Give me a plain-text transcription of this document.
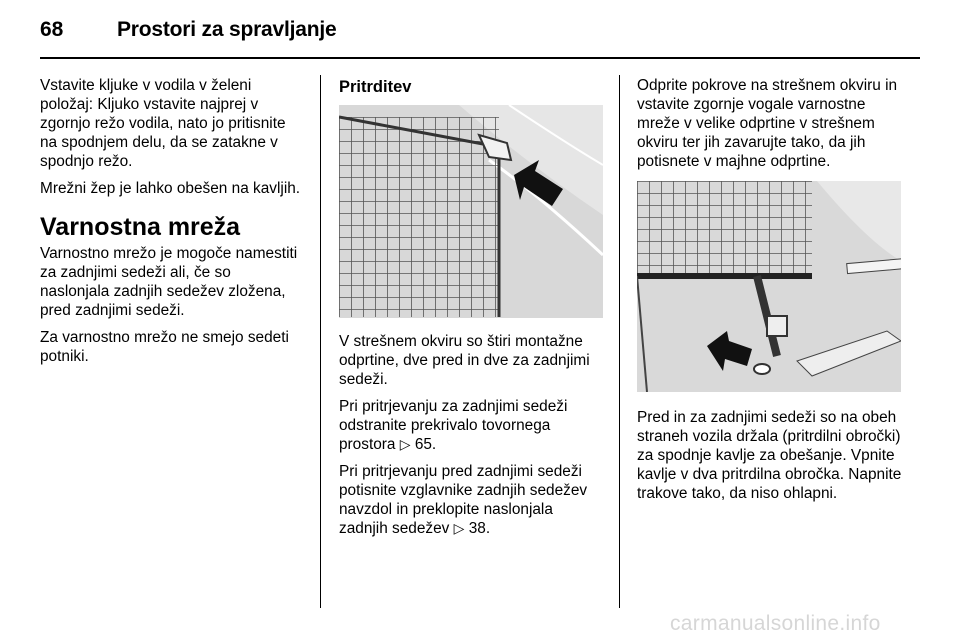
68	Prostori za spravljanje

Vstavite kljuke v vodila v želeni položaj: Kljuko vstavite najprej v zgornjo režo vodila, nato jo pritisnite na spodnjem delu, da se zatakne v spodnjo režo.

Mrežni žep je lahko obešen na kavljih.

Varnostna mreža

Varnostno mrežo je mogoče namestiti za zadnjimi sedeži ali, če so naslonjala zadnjih sedežev zložena, pred zadnjimi sedeži.

Za varnostno mrežo ne smejo sedeti potniki.

Pritrditev

V strešnem okviru so štiri montažne odprtine, dve pred in dve za zadnjimi sedeži.

Pri pritrjevanju za zadnjimi sedeži odstranite prekrivalo tovornega prostora ▷ 65.

Pri pritrjevanju pred zadnjimi sedeži potisnite vzglavnike zadnjih sedežev navzdol in preklopite naslonjala zadnjih sedežev ▷ 38.

Odprite pokrove na strešnem okviru in vstavite zgornje vogale varnostne mreže v velike odprtine v strešnem okviru ter jih zavarujte tako, da jih potisnete v majhne odprtine.

Pred in za zadnjimi sedeži so na obeh straneh vozila držala (pritrdilni obročki) za spodnje kavlje za obešanje. Vpnite kavlje v dva pritrdilna obročka. Napnite trakove tako, da niso ohlapni.

carmanualsonline.info
